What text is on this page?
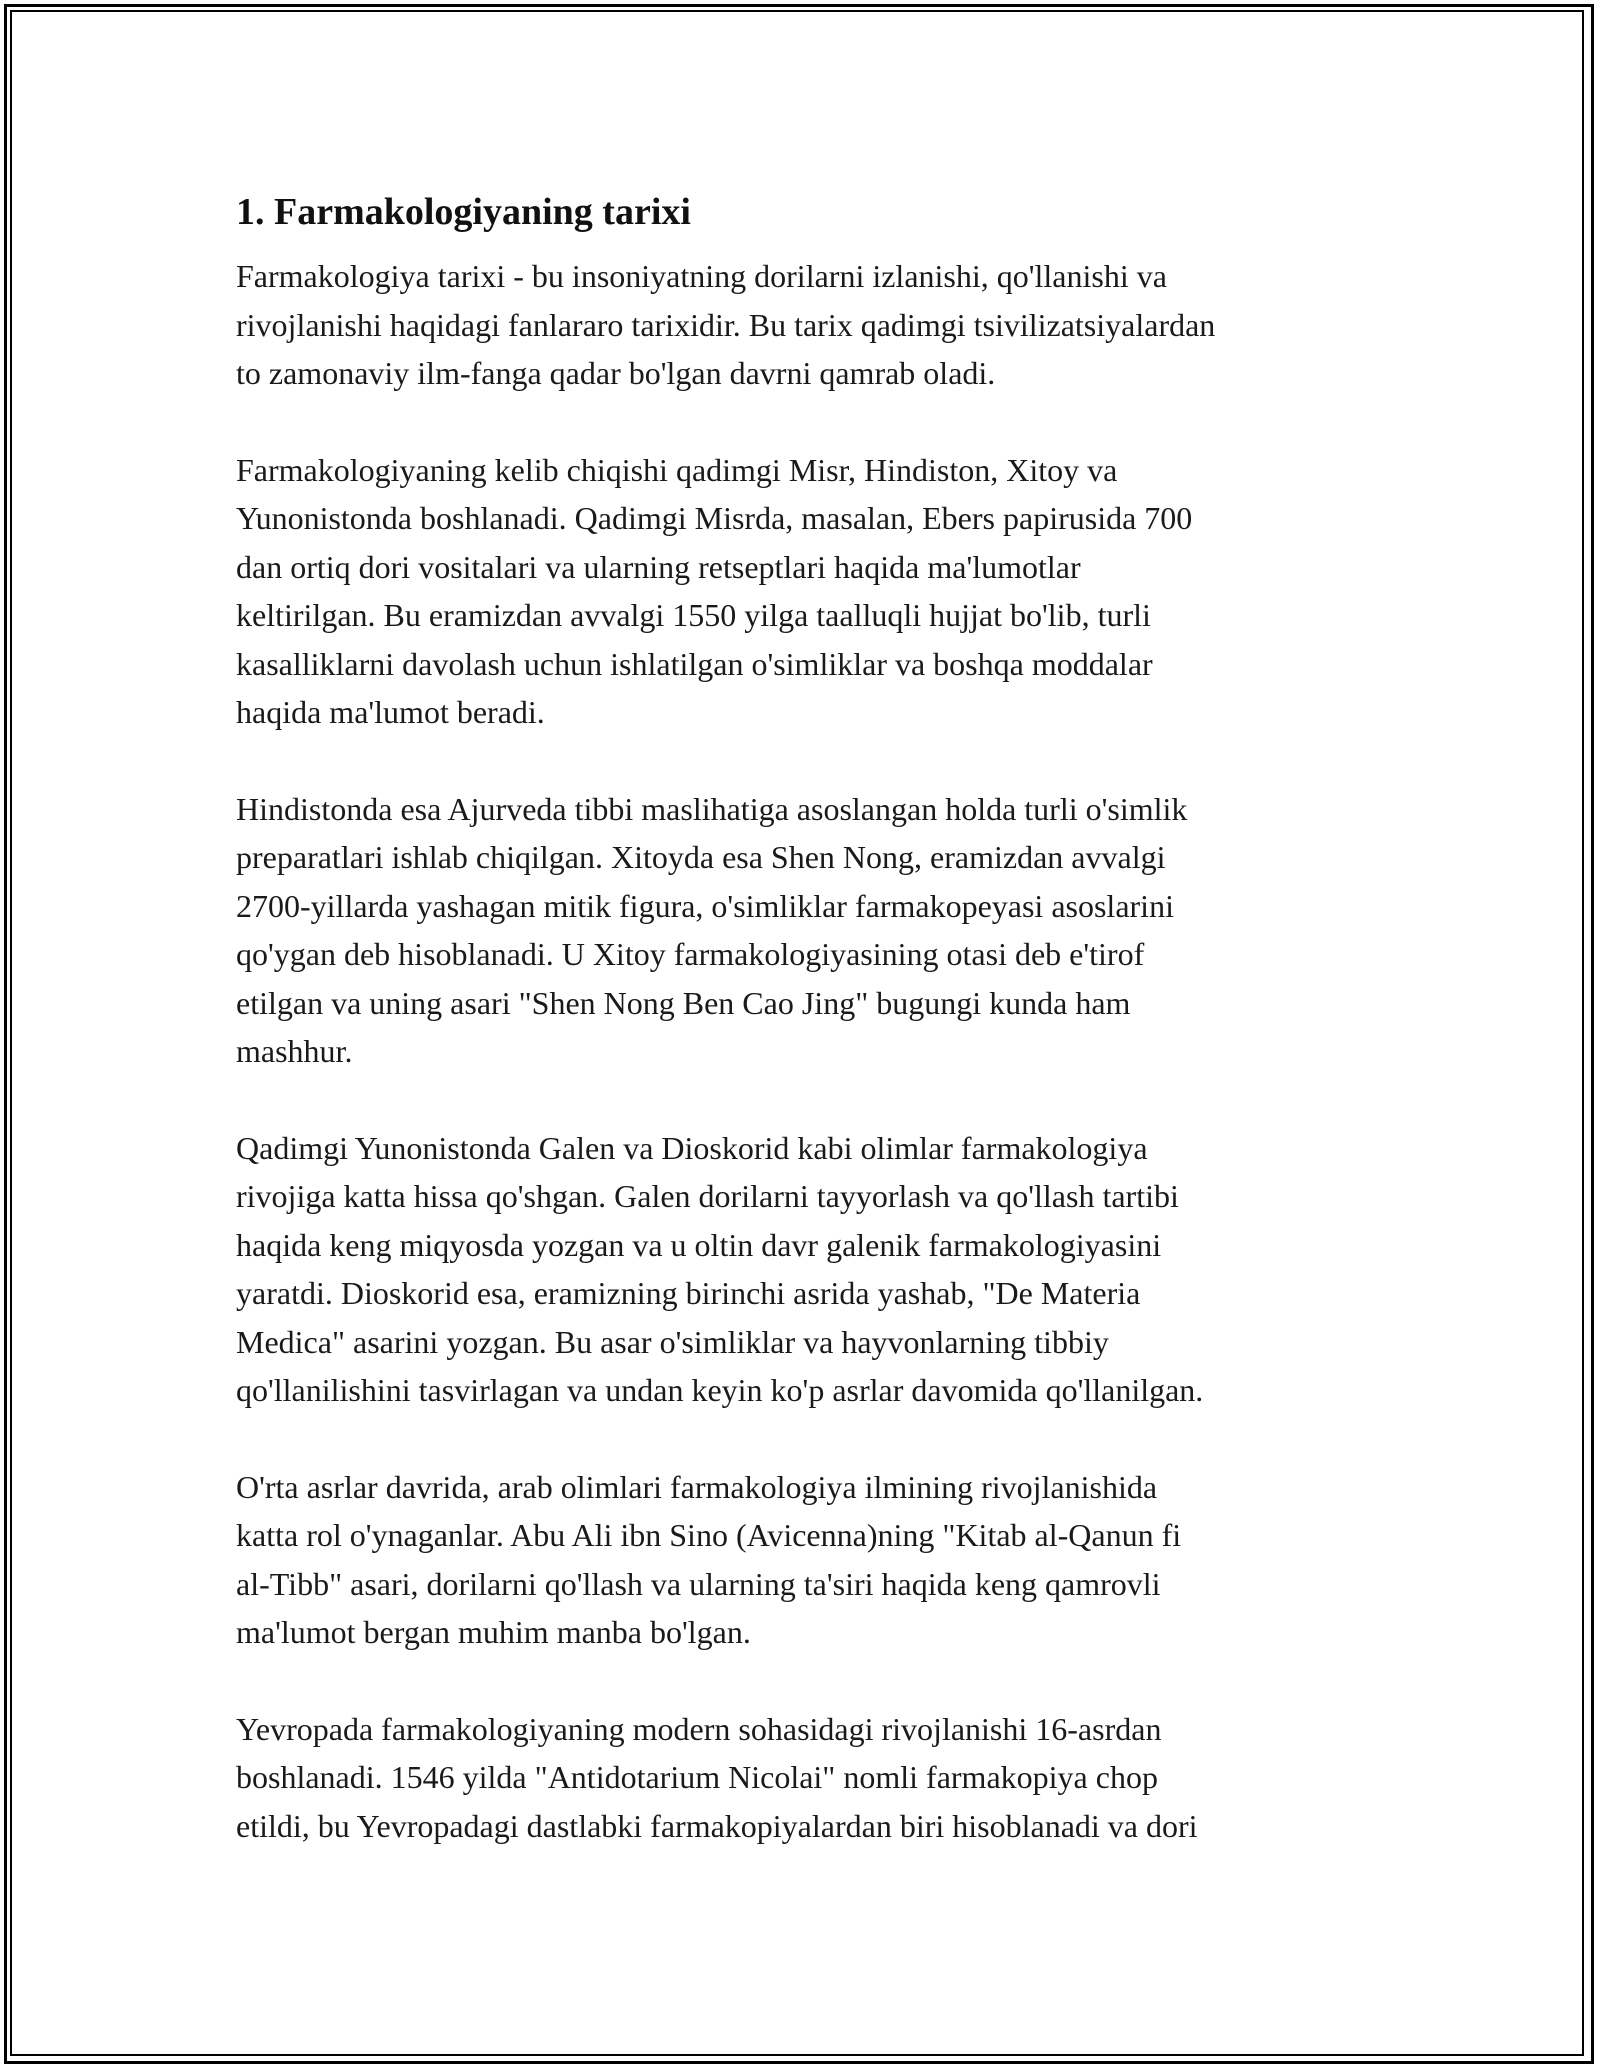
1. Farmakologiyaning tarixi

Farmakologiya tarixi - bu insoniyatning dorilarni izlanishi, qo'llanishi va
rivojlanishi haqidagi fanlararo tarixidir. Bu tarix qadimgi tsivilizatsiyalardan
to zamonaviy ilm-fanga qadar bo'lgan davrni qamrab oladi.

Farmakologiyaning kelib chiqishi qadimgi Misr, Hindiston, Xitoy va
Yunonistonda boshlanadi. Qadimgi Misrda, masalan, Ebers papirusida 700
dan ortiq dori vositalari va ularning retseptlari haqida ma'lumotlar
keltirilgan. Bu eramizdan avvalgi 1550 yilga taalluqli hujjat bo'lib, turli
kasalliklarni davolash uchun ishlatilgan o'simliklar va boshqa moddalar
haqida ma'lumot beradi.

Hindistonda esa Ajurveda tibbi maslihatiga asoslangan holda turli o'simlik
preparatlari ishlab chiqilgan. Xitoyda esa Shen Nong, eramizdan avvalgi
2700-yillarda yashagan mitik figura, o'simliklar farmakopeyasi asoslarini
qo'ygan deb hisoblanadi. U Xitoy farmakologiyasining otasi deb e'tirof
etilgan va uning asari "Shen Nong Ben Cao Jing" bugungi kunda ham
mashhur.

Qadimgi Yunonistonda Galen va Dioskorid kabi olimlar farmakologiya
rivojiga katta hissa qo'shgan. Galen dorilarni tayyorlash va qo'llash tartibi
haqida keng miqyosda yozgan va u oltin davr galenik farmakologiyasini
yaratdi. Dioskorid esa, eramizning birinchi asrida yashab, "De Materia
Medica" asarini yozgan. Bu asar o'simliklar va hayvonlarning tibbiy
qo'llanilishini tasvirlagan va undan keyin ko'p asrlar davomida qo'llanilgan.

O'rta asrlar davrida, arab olimlari farmakologiya ilmining rivojlanishida
katta rol o'ynaganlar. Abu Ali ibn Sino (Avicenna)ning "Kitab al-Qanun fi
al-Tibb" asari, dorilarni qo'llash va ularning ta'siri haqida keng qamrovli
ma'lumot bergan muhim manba bo'lgan.

Yevropada farmakologiyaning modern sohasidagi rivojlanishi 16-asrdan
boshlanadi. 1546 yilda "Antidotarium Nicolai" nomli farmakopiya chop
etildi, bu Yevropadagi dastlabki farmakopiyalardan biri hisoblanadi va dori
